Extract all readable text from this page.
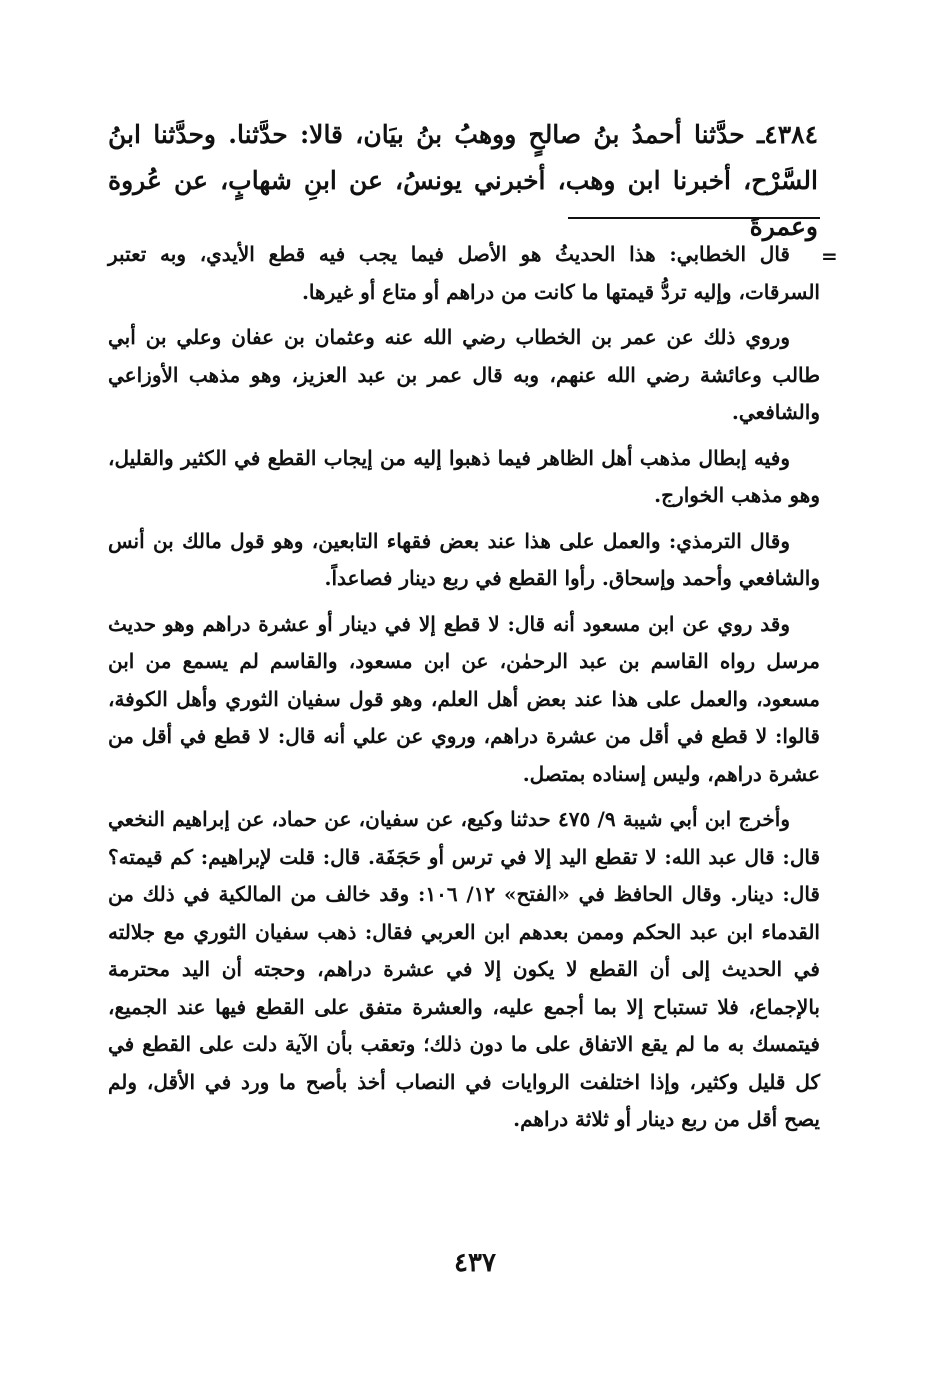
٤٣٨٤ـ حدَّثنا أحمدُ بنُ صالحٍ ووهبُ بنُ بيَان، قالا: حدَّثنا. وحدَّثنا ابنُ السَّرْح، أخبرنا ابن وهب، أخبرني يونسُ، عن ابنِ شهابٍ، عن عُروة وعمرةَ

=

قال الخطابي: هذا الحديثُ هو الأصل فيما يجب فيه قطع الأيدي، وبه تعتبر السرقات، وإليه تردُّ قيمتها ما كانت من دراهم أو متاع أو غيرها.

وروي ذلك عن عمر بن الخطاب رضي الله عنه وعثمان بن عفان وعلي بن أبي طالب وعائشة رضي الله عنهم، وبه قال عمر بن عبد العزيز، وهو مذهب الأوزاعي والشافعي.

وفيه إبطال مذهب أهل الظاهر فيما ذهبوا إليه من إيجاب القطع في الكثير والقليل، وهو مذهب الخوارج.

وقال الترمذي: والعمل على هذا عند بعض فقهاء التابعين، وهو قول مالك بن أنس والشافعي وأحمد وإسحاق. رأوا القطع في ربع دينار فصاعداً.

وقد روي عن ابن مسعود أنه قال: لا قطع إلا في دينار أو عشرة دراهم وهو حديث مرسل رواه القاسم بن عبد الرحمٰن، عن ابن مسعود، والقاسم لم يسمع من ابن مسعود، والعمل على هذا عند بعض أهل العلم، وهو قول سفيان الثوري وأهل الكوفة، قالوا: لا قطع في أقل من عشرة دراهم، وروي عن علي أنه قال: لا قطع في أقل من عشرة دراهم، وليس إسناده بمتصل.

وأخرج ابن أبي شيبة ٩/ ٤٧٥ حدثنا وكيع، عن سفيان، عن حماد، عن إبراهيم النخعي قال: قال عبد الله: لا تقطع اليد إلا في ترس أو حَجَفَة. قال: قلت لإبراهيم: كم قيمته؟ قال: دينار. وقال الحافظ في «الفتح» ١٢/ ١٠٦: وقد خالف من المالكية في ذلك من القدماء ابن عبد الحكم وممن بعدهم ابن العربي فقال: ذهب سفيان الثوري مع جلالته في الحديث إلى أن القطع لا يكون إلا في عشرة دراهم، وحجته أن اليد محترمة بالإجماع، فلا تستباح إلا بما أجمع عليه، والعشرة متفق على القطع فيها عند الجميع، فيتمسك به ما لم يقع الاتفاق على ما دون ذلك؛ وتعقب بأن الآية دلت على القطع في كل قليل وكثير، وإذا اختلفت الروايات في النصاب أخذ بأصح ما ورد في الأقل، ولم يصح أقل من ربع دينار أو ثلاثة دراهم.

٤٣٧
